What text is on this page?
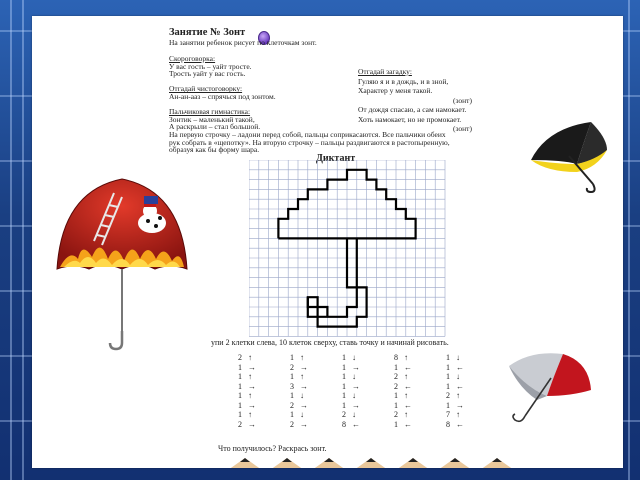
Занятие № Зонт
На занятии ребенок рисует по клеточкам зонт.
Скороговорка:
У вас гость – уайт тросте.
Трость уайт у вас гость.
Отгадай чистоговорку:
Ан-ан-ааз – спрячься под зонтом.
Пальчиковая гимнастика:
Зонтик – маленький такой,
А раскрыли – стал большой.
На первую строчку – ладони перед собой, пальцы соприкасаются. Все пальчики обеих
рук собрать в «щепотку». На вторую строчку – пальцы раздвигаются в растопыренную,
образуя как бы форму шара.
Отгадай загадку:
Гуляю я и в дождь, и в зной,
Характер у меня такой.
(зонт)
От дождя спасаю, а сам намокает.
Хоть намокает, но не промокает.
(зонт)
Диктант
упи 2 клетки слева, 10 клеток сверху, ставь точку и начинай рисовать.
2	↑	1	↑	1	↓	8	↑	1	↓
1	→	2	→	1	→	1	←	1	←
1	↑	1	↑	1	↓	2	↑	1	↓
1	→	3	→	1	→	2	←	1	←
1	↑	1	↓	1	↓	1	↑	2	↑
1	→	2	→	1	→	1	←	1	→
1	↑	1	↓	2	↓	2	↑	7	↑
2	→	2	→	8	←	1	←	8	←
Что получилось? Раскрась зонт.
